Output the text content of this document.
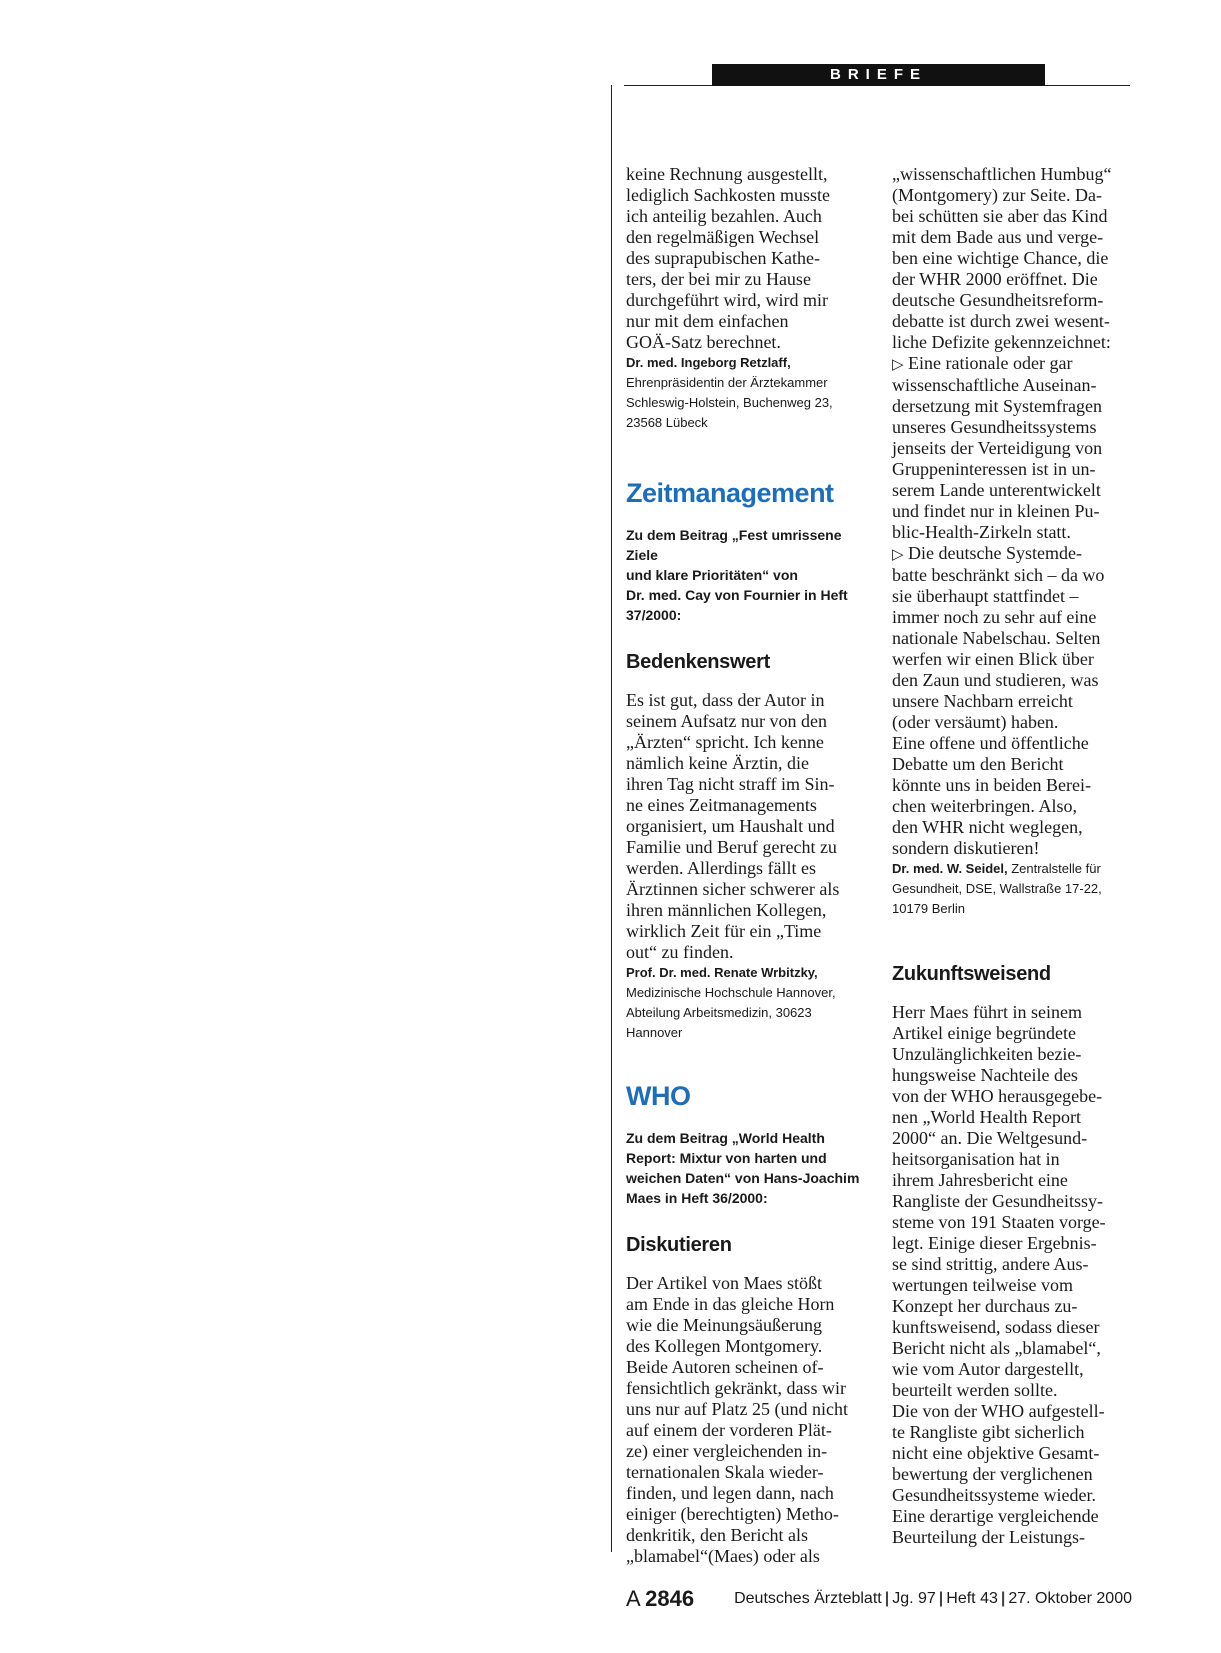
BRIEFE

keine Rechnung ausgestellt,
lediglich Sachkosten musste
ich anteilig bezahlen. Auch
den regelmäßigen Wechsel
des suprapubischen Kathe-
ters, der bei mir zu Hause
durchgeführt wird, wird mir
nur mit dem einfachen
GOÄ-Satz berechnet.

Dr. med. Ingeborg Retzlaff,

Ehrenpräsidentin der Ärztekammer
Schleswig-Holstein, Buchenweg 23,
23568 Lübeck

Zeitmanagement

Zu dem Beitrag „Fest umrissene Ziele
und klare Prioritäten“ von
Dr. med. Cay von Fournier in Heft
37/2000:

Bedenkenswert

Es ist gut, dass der Autor in
seinem Aufsatz nur von den
„Ärzten“ spricht. Ich kenne
nämlich keine Ärztin, die
ihren Tag nicht straff im Sin-
ne eines Zeitmanagements
organisiert, um Haushalt und
Familie und Beruf gerecht zu
werden. Allerdings fällt es
Ärztinnen sicher schwerer als
ihren männlichen Kollegen,
wirklich Zeit für ein „Time
out“ zu finden.

Prof. Dr. med. Renate Wrbitzky,

Medizinische Hochschule Hannover,
Abteilung Arbeitsmedizin, 30623
Hannover

WHO

Zu dem Beitrag „World Health
Report: Mixtur von harten und
weichen Daten“ von Hans-Joachim
Maes in Heft 36/2000:

Diskutieren

Der Artikel von Maes stößt
am Ende in das gleiche Horn
wie die Meinungsäußerung
des Kollegen Montgomery.
Beide Autoren scheinen of-
fensichtlich gekränkt, dass wir
uns nur auf Platz 25 (und nicht
auf einem der vorderen Plät-
ze) einer vergleichenden in-
ternationalen Skala wieder-
finden, und legen dann, nach
einiger (berechtigten) Metho-
denkritik, den Bericht als
„blamabel“(Maes) oder als

„wissenschaftlichen Humbug“
(Montgomery) zur Seite. Da-
bei schütten sie aber das Kind
mit dem Bade aus und verge-
ben eine wichtige Chance, die
der WHR 2000 eröffnet. Die
deutsche Gesundheitsreform-
debatte ist durch zwei wesent-
liche Defizite gekennzeichnet:

▷ Eine rationale oder gar
wissenschaftliche Auseinan-
dersetzung mit Systemfragen
unseres Gesundheitssystems
jenseits der Verteidigung von
Gruppeninteressen ist in un-
serem Lande unterentwickelt
und findet nur in kleinen Pu-
blic-Health-Zirkeln statt.

▷ Die deutsche Systemde-
batte beschränkt sich – da wo
sie überhaupt stattfindet –
immer noch zu sehr auf eine
nationale Nabelschau. Selten
werfen wir einen Blick über
den Zaun und studieren, was
unsere Nachbarn erreicht
(oder versäumt) haben.

Eine offene und öffentliche
Debatte um den Bericht
könnte uns in beiden Berei-
chen weiterbringen. Also,
den WHR nicht weglegen,
sondern diskutieren!

Dr. med. W. Seidel, Zentralstelle für

Gesundheit, DSE, Wallstraße 17-22,
10179 Berlin

Zukunftsweisend

Herr Maes führt in seinem
Artikel einige begründete
Unzulänglichkeiten bezie-
hungsweise Nachteile des
von der WHO herausgegebe-
nen „World Health Report
2000“ an. Die Weltgesund-
heitsorganisation hat in
ihrem Jahresbericht eine
Rangliste der Gesundheitssy-
steme von 191 Staaten vorge-
legt. Einige dieser Ergebnis-
se sind strittig, andere Aus-
wertungen teilweise vom
Konzept her durchaus zu-
kunftsweisend, sodass dieser
Bericht nicht als „blamabel“,
wie vom Autor dargestellt,
beurteilt werden sollte.

Die von der WHO aufgestell-
te Rangliste gibt sicherlich
nicht eine objektive Gesamt-
bewertung der verglichenen
Gesundheitssysteme wieder.
Eine derartige vergleichende
Beurteilung der Leistungs-

A 2846	Deutsches Ärzteblatt | Jg. 97 | Heft 43 | 27. Oktober 2000
